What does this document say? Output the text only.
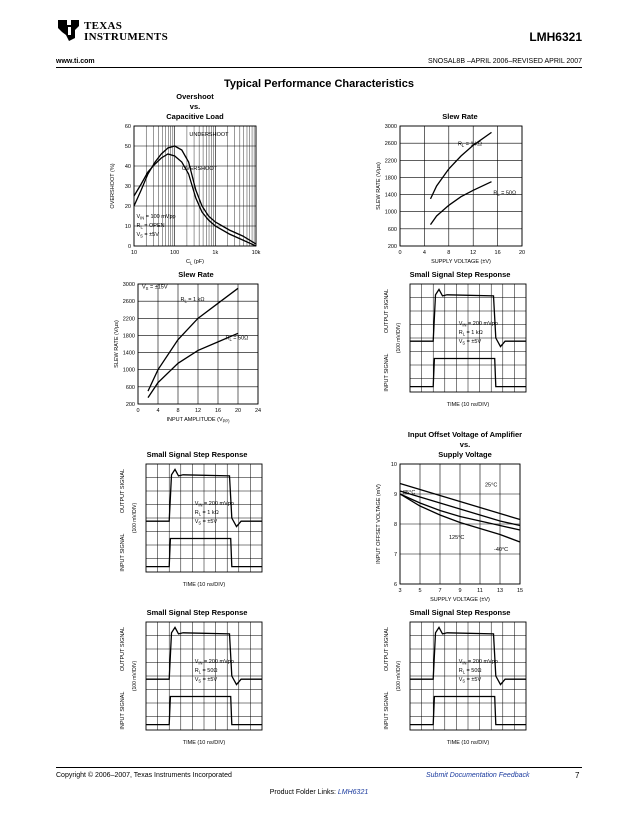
TEXAS
INSTRUMENTS	LMH6321
www.ti.com	SNOSAL8B –APRIL 2006–REVISED APRIL 2007
Typical Performance Characteristics
Overshoot
vs.
Capacitive Load
10	100	1k	10k
0
10
20
30
40
50
60
$C_L$ (pF)
OVERSHOOT (%)
UNDERSHOOT
OVERSHOOT
$V_{IN} = 100$ mVpp
$R_L$ = OPEN
$V_S = \pm 5V$
Slew Rate
0	4	8	12	16	20
200
600
1000
1400
1800
2200
2600
3000
SUPPLY VOLTAGE (±V)
SLEW RATE (V/μs)
$R_L = 1$ kΩ
$R_L = 50\Omega$
Slew Rate
0	4	8	12	16	20	24
200
600
1000
1400
1800
2200
2600
3000
INPUT AMPLITUDE ($V_{PP)}$
SLEW RATE (V/μs)
$V_S = \pm 15V$
$R_L = 1$ kΩ
$R_L = 50\Omega$
Small Signal Step Response
$V_{IN} = 200$ mVpp
$R_L = 1$ kΩ
$V_S = \pm 5V$
TIME (10 ns/DIV)
OUTPUT SIGNAL
INPUT SIGNAL
(100 mV/DIV)
Input Offset Voltage of Amplifier
vs.
Supply Voltage
3	5	7	9	11	13	15
6
7
8
9
10
SUPPLY VOLTAGE (±V)
INPUT OFFSET VOLTAGE (mV)	25°C
85°C
125°C
-40°C
Small Signal Step Response
$V_{IN} = 200$ mVpp
$R_L = 1$ kΩ
$V_S = \pm 5V$
TIME (10 ns/DIV)
OUTPUT SIGNAL
INPUT SIGNAL
(100 mV/DIV)
Small Signal Step Response
$V_{IN} = 200$ mVpp
$R_L = 50\Omega$
$V_S = \pm 5V$
TIME (10 ns/DIV)
OUTPUT SIGNAL
INPUT SIGNAL
(100 mV/DIV)
Small Signal Step Response
$V_{IN} = 200$ mVpp
$R_L = 50\Omega$
$V_S = \pm 5V$
TIME (10 ns/DIV)
OUTPUT SIGNAL
INPUT SIGNAL
(100 mV/DIV)
Copyright © 2006–2007, Texas Instruments Incorporated	Submit Documentation Feedback	7
Product Folder Links: LMH6321
